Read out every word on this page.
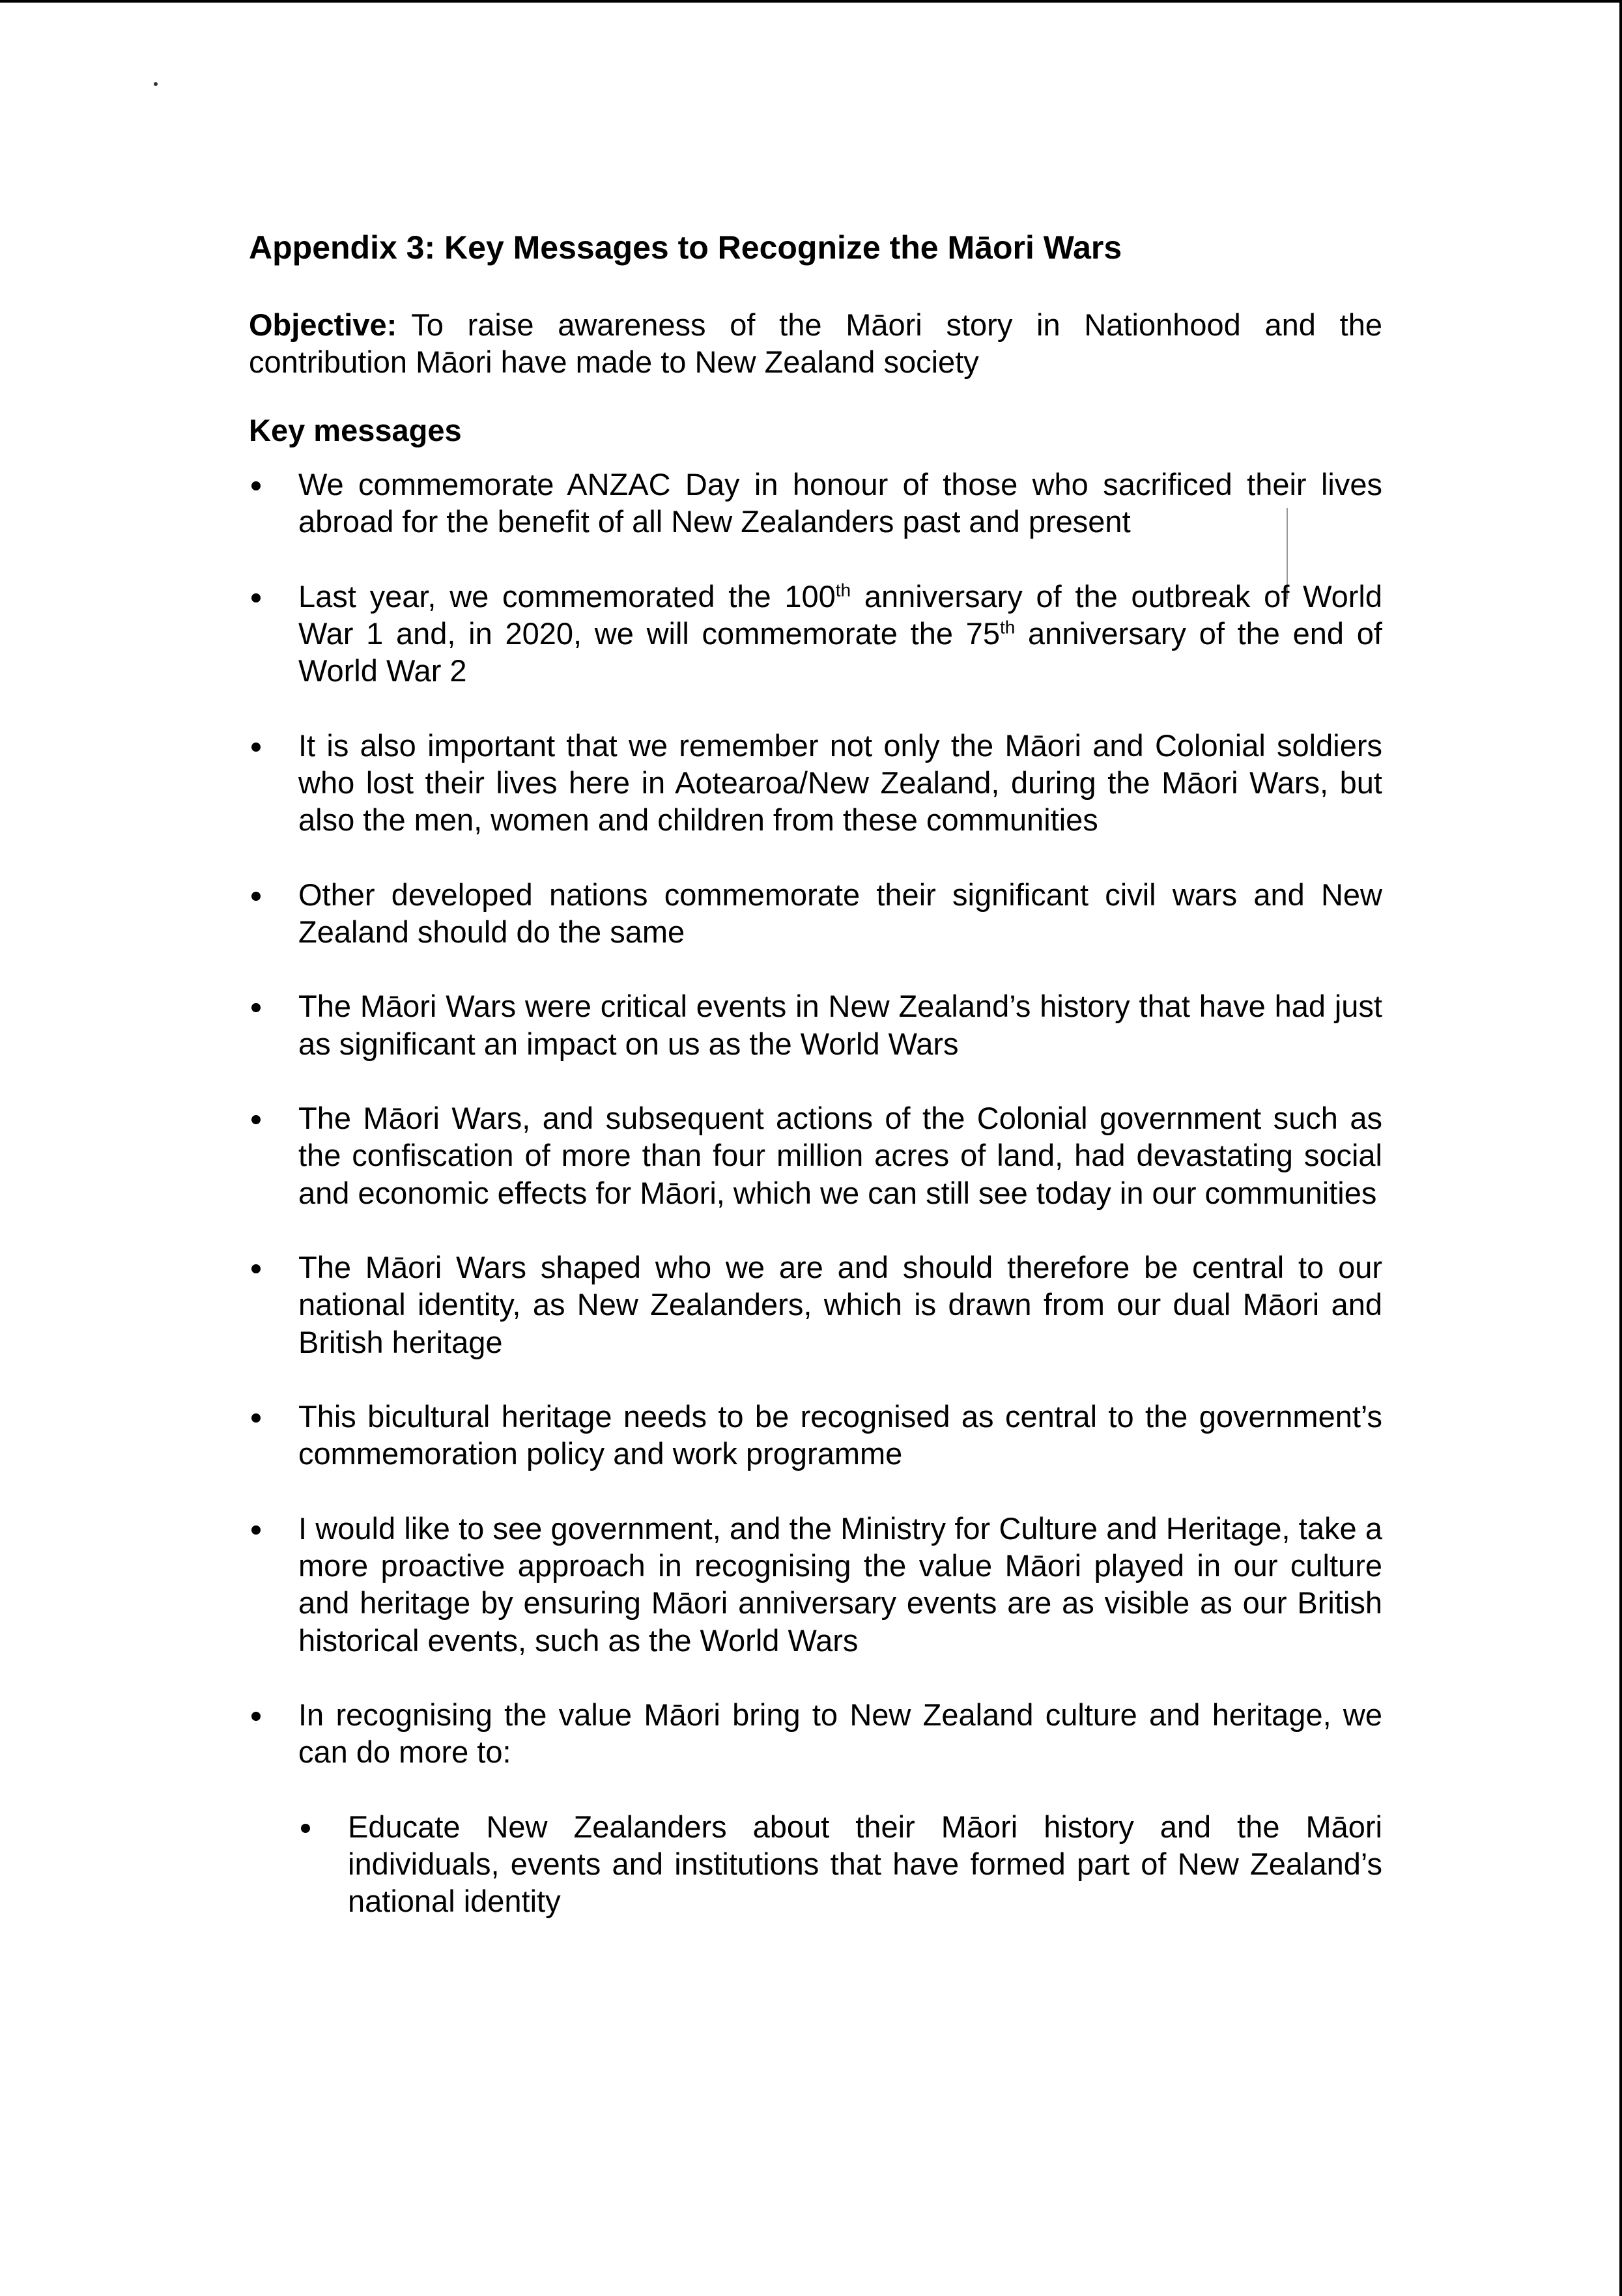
Appendix 3: Key Messages to Recognize the Māori Wars

Objective: To raise awareness of the Māori story in Nationhood and the contribution Māori have made to New Zealand society

Key messages
We commemorate ANZAC Day in honour of those who sacrificed their lives abroad for the benefit of all New Zealanders past and present
Last year, we commemorated the 100th anniversary of the outbreak of World War 1 and, in 2020, we will commemorate the 75th anniversary of the end of World War 2
It is also important that we remember not only the Māori and Colonial soldiers who lost their lives here in Aotearoa/New Zealand, during the Māori Wars, but also the men, women and children from these communities
Other developed nations commemorate their significant civil wars and New Zealand should do the same
The Māori Wars were critical events in New Zealand’s history that have had just as significant an impact on us as the World Wars
The Māori Wars, and subsequent actions of the Colonial government such as the confiscation of more than four million acres of land, had devastating social and economic effects for Māori, which we can still see today in our communities
The Māori Wars shaped who we are and should therefore be central to our national identity, as New Zealanders, which is drawn from our dual Māori and British heritage
This bicultural heritage needs to be recognised as central to the government’s commemoration policy and work programme
I would like to see government, and the Ministry for Culture and Heritage, take a more proactive approach in recognising the value Māori played in our culture and heritage by ensuring Māori anniversary events are as visible as our British historical events, such as the World Wars
In recognising the value Māori bring to New Zealand culture and heritage, we can do more to:
Educate New Zealanders about their Māori history and the Māori individuals, events and institutions that have formed part of New Zealand’s national identity
